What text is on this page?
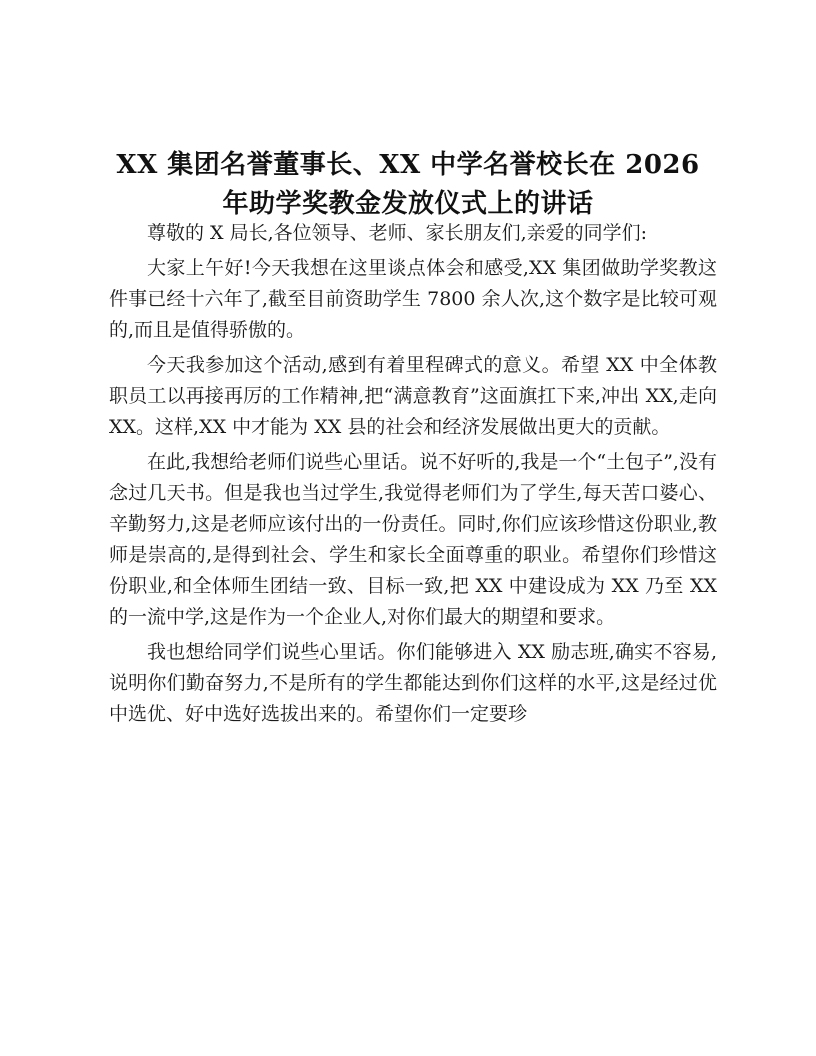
XX 集团名誉董事长、XX 中学名誉校长在 2026
年助学奖教金发放仪式上的讲话

尊敬的 X 局长,各位领导、老师、家长朋友们,亲爱的同学们:

大家上午好!今天我想在这里谈点体会和感受,XX 集团做助学奖教这件事已经十六年了,截至目前资助学生 7800 余人次,这个数字是比较可观的,而且是值得骄傲的。

今天我参加这个活动,感到有着里程碑式的意义。希望 XX 中全体教职员工以再接再厉的工作精神,把“满意教育”这面旗扛下来,冲出 XX,走向 XX。这样,XX 中才能为 XX 县的社会和经济发展做出更大的贡献。

在此,我想给老师们说些心里话。说不好听的,我是一个“土包子”,没有念过几天书。但是我也当过学生,我觉得老师们为了学生,每天苦口婆心、辛勤努力,这是老师应该付出的一份责任。同时,你们应该珍惜这份职业,教师是崇高的,是得到社会、学生和家长全面尊重的职业。希望你们珍惜这份职业,和全体师生团结一致、目标一致,把 XX 中建设成为 XX 乃至 XX 的一流中学,这是作为一个企业人,对你们最大的期望和要求。

我也想给同学们说些心里话。你们能够进入 XX 励志班,确实不容易,说明你们勤奋努力,不是所有的学生都能达到你们这样的水平,这是经过优中选优、好中选好选拔出来的。希望你们一定要珍
